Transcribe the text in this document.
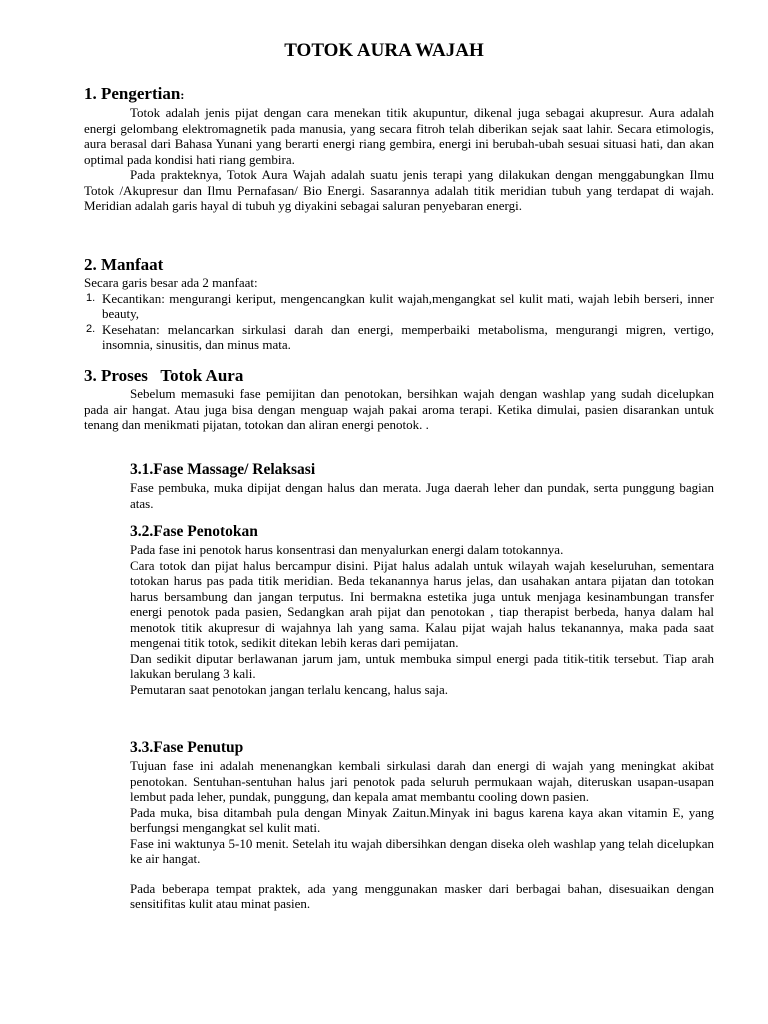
TOTOK AURA WAJAH
1. Pengertian:

Totok adalah jenis pijat dengan cara menekan titik akupuntur, dikenal juga sebagai akupresur. Aura adalah energi gelombang elektromagnetik pada manusia, yang secara fitroh telah diberikan sejak saat lahir. Secara etimologis, aura berasal dari Bahasa Yunani yang berarti energi riang gembira, energi ini berubah-ubah sesuai situasi hati, dan akan optimal pada kondisi hati riang gembira.

Pada prakteknya, Totok Aura Wajah adalah suatu jenis terapi yang dilakukan dengan menggabungkan Ilmu Totok /Akupresur dan Ilmu Pernafasan/ Bio Energi. Sasarannya adalah titik meridian tubuh yang terdapat di wajah. Meridian adalah garis hayal di tubuh yg diyakini sebagai saluran penyebaran energi.

2. Manfaat

Secara garis besar ada 2 manfaat:

1. Kecantikan: mengurangi keriput, mengencangkan kulit wajah,mengangkat sel kulit mati, wajah lebih berseri, inner beauty,
2. Kesehatan: melancarkan sirkulasi darah dan energi, memperbaiki metabolisma, mengurangi migren, vertigo, insomnia, sinusitis, dan minus mata.
3. Proses   Totok Aura

Sebelum memasuki fase pemijitan dan penotokan, bersihkan wajah dengan washlap yang sudah dicelupkan pada air hangat. Atau juga bisa dengan menguap wajah pakai aroma terapi. Ketika dimulai, pasien disarankan untuk tenang dan menikmati pijatan, totokan dan aliran energi penotok. .

3.1.Fase Massage/ Relaksasi

Fase pembuka, muka dipijat dengan halus dan merata. Juga daerah leher dan pundak, serta punggung bagian atas.

3.2.Fase Penotokan

Pada fase ini penotok harus konsentrasi dan menyalurkan energi dalam totokannya.

Cara totok dan pijat halus bercampur disini. Pijat halus adalah untuk wilayah wajah keseluruhan, sementara totokan harus pas pada titik meridian. Beda tekanannya harus jelas, dan usahakan antara pijatan dan totokan harus bersambung dan jangan terputus. Ini bermakna estetika juga untuk menjaga kesinambungan transfer energi penotok pada pasien, Sedangkan arah pijat dan penotokan , tiap therapist berbeda, hanya dalam hal menotok titik akupresur di wajahnya lah yang sama. Kalau pijat wajah halus tekanannya, maka pada saat mengenai titik totok, sedikit ditekan lebih keras dari pemijatan.

Dan sedikit diputar berlawanan jarum jam, untuk membuka simpul energi pada titik-titik tersebut. Tiap arah lakukan berulang 3 kali.

Pemutaran saat penotokan jangan terlalu kencang, halus saja.

3.3.Fase Penutup

Tujuan fase ini adalah menenangkan kembali sirkulasi darah dan energi di wajah yang meningkat akibat penotokan. Sentuhan-sentuhan halus jari penotok pada seluruh permukaan wajah, diteruskan usapan-usapan lembut pada leher, pundak, punggung, dan kepala amat membantu cooling down pasien.

Pada muka, bisa ditambah pula dengan Minyak Zaitun.Minyak ini bagus karena kaya akan vitamin E, yang berfungsi mengangkat sel kulit mati.

Fase ini waktunya 5-10 menit. Setelah itu wajah dibersihkan dengan diseka oleh washlap yang telah dicelupkan ke air hangat.

Pada beberapa tempat praktek, ada yang menggunakan masker dari berbagai bahan, disesuaikan dengan sensitifitas kulit atau minat pasien.
